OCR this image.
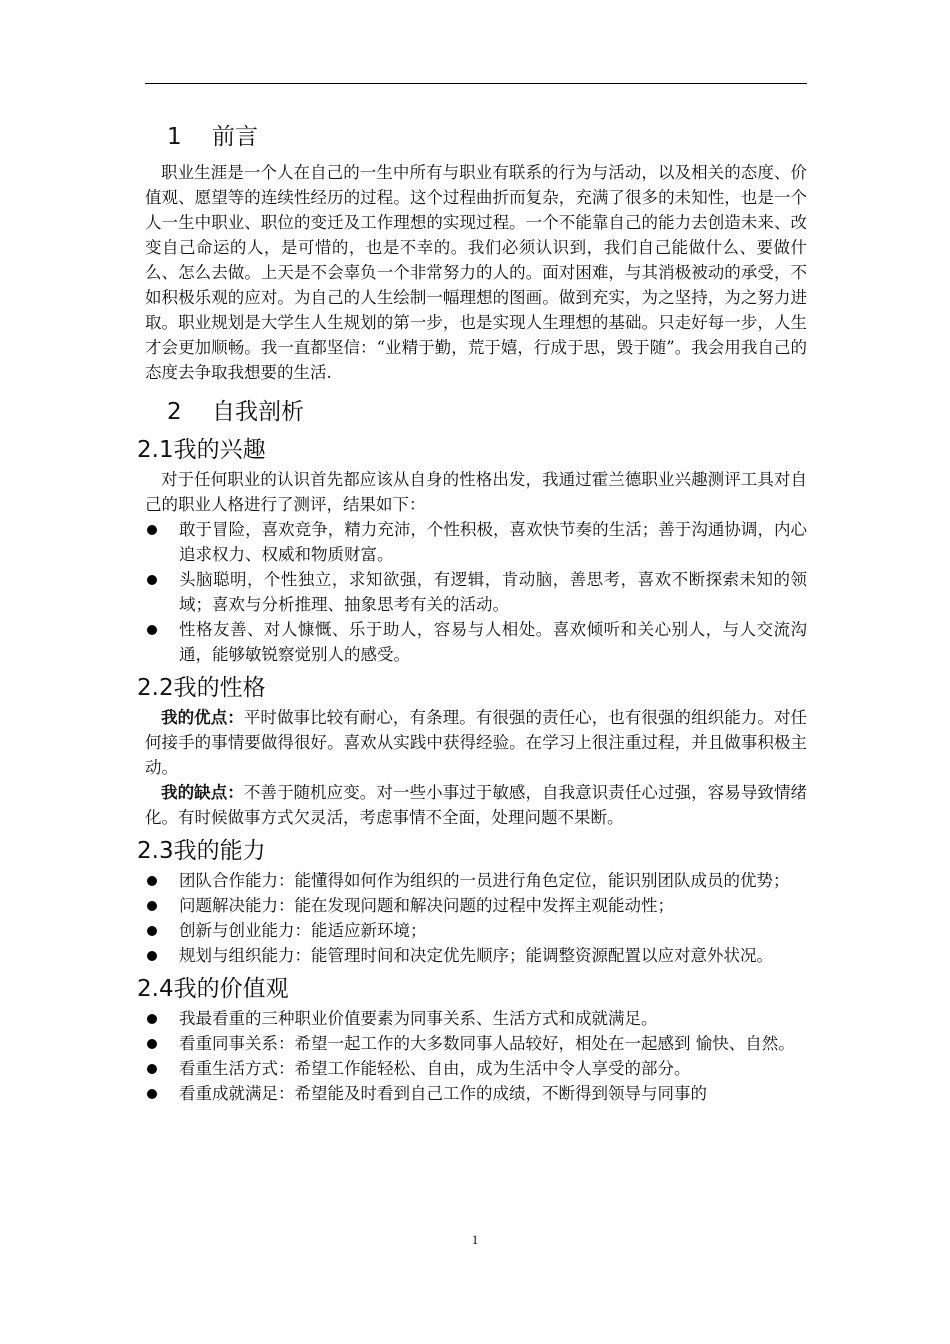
1 前言

职业生涯是一个人在自己的一生中所有与职业有联系的行为与活动，以及相关的态度、价值观、愿望等的连续性经历的过程。这个过程曲折而复杂，充满了很多的未知性，也是一个人一生中职业、职位的变迁及工作理想的实现过程。一个不能靠自己的能力去创造未来、改变自己命运的人，是可惜的，也是不幸的。我们必须认识到，我们自己能做什么、要做什么、怎么去做。上天是不会辜负一个非常努力的人的。面对困难，与其消极被动的承受，不如积极乐观的应对。为自己的人生绘制一幅理想的图画。做到充实，为之坚持，为之努力进取。职业规划是大学生人生规划的第一步，也是实现人生理想的基础。只走好每一步，人生才会更加顺畅。我一直都坚信：“业精于勤，荒于嬉，行成于思，毁于随”。我会用我自己的态度去争取我想要的生活.

2 自我剖析
2.1我的兴趣

对于任何职业的认识首先都应该从自身的性格出发，我通过霍兰德职业兴趣测评工具对自己的职业人格进行了测评，结果如下：

敢于冒险，喜欢竞争，精力充沛，个性积极，喜欢快节奏的生活；善于沟通协调，内心追求权力、权威和物质财富。
头脑聪明，个性独立，求知欲强，有逻辑，肯动脑，善思考，喜欢不断探索未知的领域；喜欢与分析推理、抽象思考有关的活动。
性格友善、对人慷慨、乐于助人，容易与人相处。喜欢倾听和关心别人，与人交流沟通，能够敏锐察觉别人的感受。
2.2我的性格

我的优点：平时做事比较有耐心，有条理。有很强的责任心，也有很强的组织能力。对任何接手的事情要做得很好。喜欢从实践中获得经验。在学习上很注重过程，并且做事积极主动。

我的缺点：不善于随机应变。对一些小事过于敏感，自我意识责任心过强，容易导致情绪化。有时候做事方式欠灵活，考虑事情不全面，处理问题不果断。

2.3我的能力
团队合作能力：能懂得如何作为组织的一员进行角色定位，能识别团队成员的优势；
问题解决能力：能在发现问题和解决问题的过程中发挥主观能动性；
创新与创业能力：能适应新环境；
规划与组织能力：能管理时间和决定优先顺序；能调整资源配置以应对意外状况。
2.4我的价值观
我最看重的三种职业价值要素为同事关系、生活方式和成就满足。
看重同事关系：希望一起工作的大多数同事人品较好，相处在一起感到 愉快、自然。
看重生活方式：希望工作能轻松、自由，成为生活中令人享受的部分。
看重成就满足：希望能及时看到自己工作的成绩，不断得到领导与同事的
1
